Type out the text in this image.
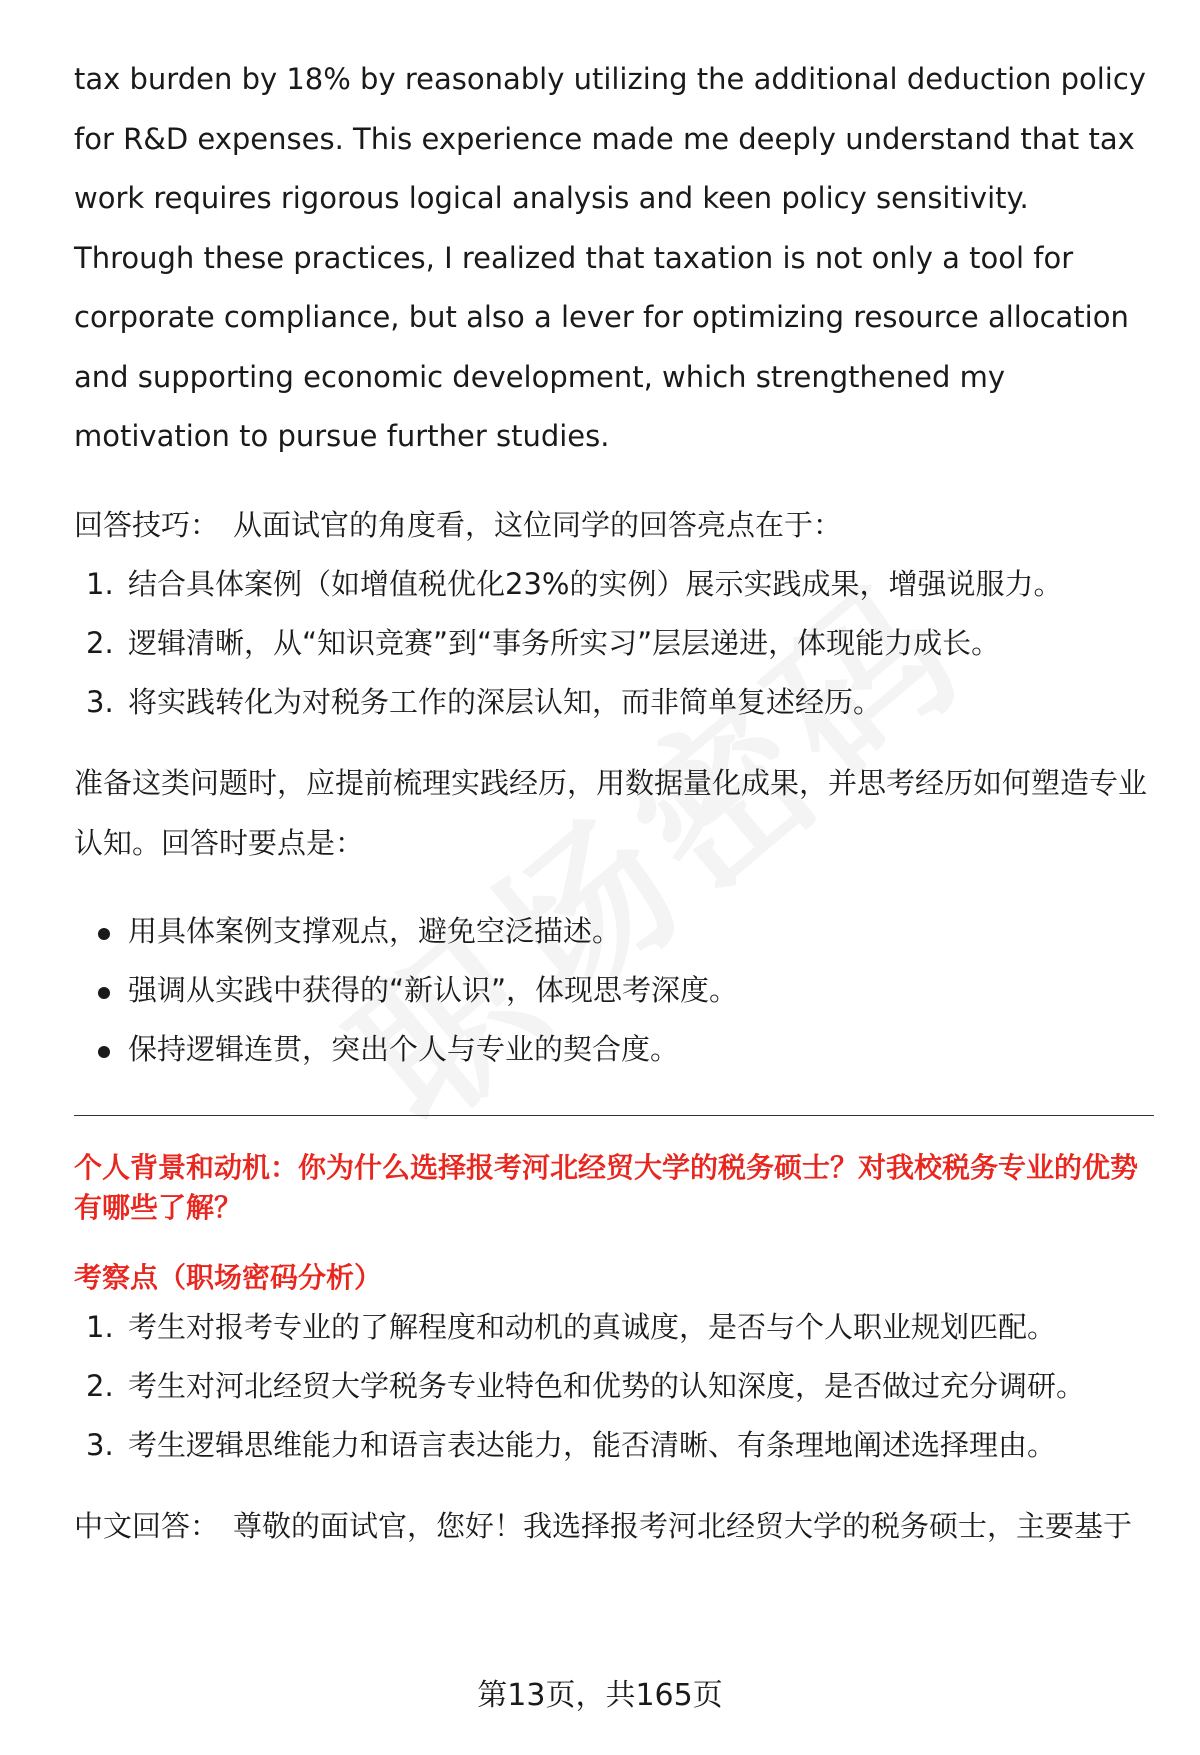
tax burden by 18% by reasonably utilizing the additional deduction policy for R&D expenses. This experience made me deeply understand that tax work requires rigorous logical analysis and keen policy sensitivity. Through these practices, I realized that taxation is not only a tool for corporate compliance, but also a lever for optimizing resource allocation and supporting economic development, which strengthened my motivation to pursue further studies.

回答技巧： 从面试官的角度看，这位同学的回答亮点在于：
1. 结合具体案例（如增值税优化23%的实例）展示实践成果，增强说服力。
2. 逻辑清晰，从“知识竞赛”到“事务所实习”层层递进，体现能力成长。
3. 将实践转化为对税务工作的深层认知，而非简单复述经历。

准备这类问题时，应提前梳理实践经历，用数据量化成果，并思考经历如何塑造专业认知。回答时要点是：

用具体案例支撑观点，避免空泛描述。
强调从实践中获得的“新认识”，体现思考深度。
保持逻辑连贯，突出个人与专业的契合度。
个人背景和动机：你为什么选择报考河北经贸大学的税务硕士？对我校税务专业的优势有哪些了解？
考察点（职场密码分析）
1. 考生对报考专业的了解程度和动机的真诚度，是否与个人职业规划匹配。
2. 考生对河北经贸大学税务专业特色和优势的认知深度，是否做过充分调研。
3. 考生逻辑思维能力和语言表达能力，能否清晰、有条理地阐述选择理由。
中文回答： 尊敬的面试官，您好！我选择报考河北经贸大学的税务硕士，主要基于
第13页，共165页
